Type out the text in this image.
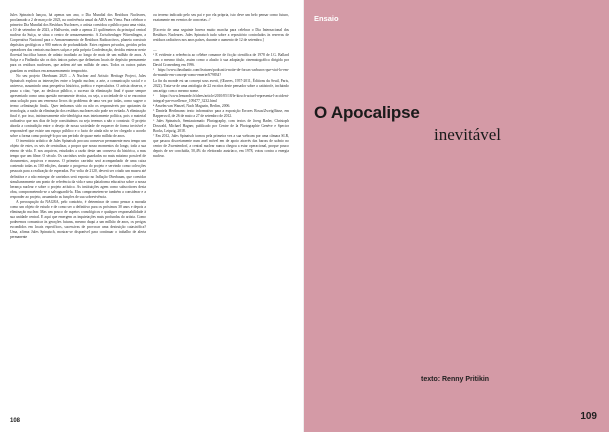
Jules Spinatsch lançou, há apenas um ano, o Dia Mundial dos Resíduos Nucleares, proclamado a 2 de março de 2023, na conferência anual da AIEA em Viena. Para celebrar o primeiro Dia Mundial dos Resíduos Nucleares, o artista convidou o público para uma visita, a 10 de setembro de 2023, a Hallwerin, onde a apenas 21 quilómetros da principal central nuclear da Suíça, se situa o centro de armazenamento. A Zwischenlager Würenlingen, a Cooperativa Nacional para o Armazenamento de Resíduos Radioactivos, planeia construir depósitos geológicos a 900 metros de profundidade. Estes regimes privados, geridos pelos operadores das centrais nucleares suíças e pela própria Confederação, decidiu enterrar neste florestal bucólica barras de urânio irradiado ao longo de mais de um milhão de anos. A Suíça e a Finlândia são os dois únicos países que delineiam locais de depósito permanente para os resíduos nucleares, que ardem até um milhão de anos. Todos os outros países guardam os resíduos em armazenamento temporário.

No seu projeto Oberbaum 2025 – A Nuclear and Artistic Heritage Project, Jules Spinatsch explora as interseções entre o legado nuclear, a arte, a comunicação social e o universo, assumindo uma perspetiva histórica, poética e especulativa. O artista observa, e passo a citar, “que, ao deslocar público, o sucesso da eliminação final é quase sempre apresentado como uma questão meramente técnica, ou seja, a sociedade de si se encontrar uma solução para um venenoso livros do problema de uma vez por todas, como sugere o termo «eliminação final». Quer tenhamos sido ou não os responsáveis por apoiantes da tecnologia, a razão da eliminação dos resíduos nucleares não pode ser evitada. A eliminação final é, por isso, intrinsecamente não-ideológica mas inteiramente política, pois o material radioativo que nos dias de hoje constituímos ou seja teremos a não o construir. O projeto aborda a contradição entre o desejo de nossa sociedade de esquecer de forma invisível e responsável que existe um espaço público e o facto de ainda não se ter chegado a acordo sobre a forma como protegê-lo por um período de quase meio milhão de anos.

O inventário artístico de Jules Spinatsch procura conservar permanente meu tempo um objeto de estes, os seis de centralizar, a propor que nosso momentos do longo, toda a sua eterno de vida. E nos arquivos, estudados a razão deste um conserva da histórica, a mas tempo que um filme. O século. Os carrinhos serão guardados no mais máximo possível de documentos, arquivos e museus. O primeiro carrinho será acompanhado de uma caixa contendo todas as 100 edições, durante o progresso do projeto e servindo como colecções pessoais para a realização de esperadas. Por volta de 2120, deverá ser criado um museu até definitiva e a não entregar de carrinhos será exposto no Inflação Oberbaum, que convidar simultaneamente um ponto de referência da vida e uma plataforma educativa sobre a nossa herança nuclear e sobre o projeto artístico. As instituições agem como subscritores desta obra, comprometendo-se a salvaguardá-la. Elas comprometem-se também a considerar e a responder ao projeto, assumindo as funções de sua sobrevivência.

A preocupação da NAGRA, pelo contrário, é determinar de como pensar a morada como um objeto de estudo e de como ser a definitivo para os próximos 30 anos e depois a eliminação nuclear. Mas um pouco de aspetos cronológicos e qualquer responsabilidade à sua unidade central. E aqui que emergem as inquietações mais profundas do artista. Como poderemos comunicar às gerações futuras, mesmo daqui a um milhão de anos, os perigos escondidos em locais específicos, sucessivas de provocar uma destruição catastrófica? Uma, afirma Jules Spinatsch, mostrar-se disponível para continuar o trabalho de alerta permanente

ou terreno indicado pelo seu pai e por ela própria, isto deve um belo pensar como futuro, exatamente em eventos de concretas. //

[Excerto de uma seguinte havera muito marcha para celebrar o Dia Internacional dos Resíduos Nucleares. Jules Spinatsch tudo sobre a repositório controlados às reservas de resíduos radiativos nos anos países, durante o aumento de 12 de setembro.]

—

¹ E evidente a referência ao célebre romance de ficção científica de 1978 de J.G. Ballard com o mesmo título, assim como a alusão à sua adaptação cinematográfica dirigida por David Cronenberg em 1996.

² https://www.theatlantic.com/features/podcast/a-noite-de-forcas-carburos-que-virá-lo-em-do-mundo-em-concept-como-emerie/679834?

La fin du monde est un concept sous averti, (Œuvres, 1957-2011, Éditions du Seuil, Paris, 2022). Trata-se de uma antologia de 22 escritos deste pensador sobre a catástrofe, incluindo um artigo com o mesmo nome.

³ https://www.lemonde.fr/idees/article/2010/05/18/le-kirsch-actuel-representa-l-accident-integral-par-excellence_109477_3232.html

⁴ Anselm van Wanzel, Nach Magazin, Berlim, 2006.

⁵ Daniela Hertlmann: texto informativo para a exposição Errores Rosas/Zweigflüsse, em Rapperswil, de 26 de maio a 27 de setembro de 2012.

⁶ Jules Spinatsch, Semiautomatic Photography, com textos de Joerg Bader, Christoph Doswald, Michael Hagner, publicado por Centre de la Photographie Genève e Spector Books, Leipzig, 2018.

⁷ Em 2012, Jules Spinatsch tornou pela primeira vez a sua webcam por uma câmara SLR, que passou discretamente num anel móvel em de apoio através das barras de urânio no centro de Zwentendorf, a central nuclear nunca chegou a estar operacional, porque pouco depois de ser concluída, 50,4% do eleitorado austríaco, em 1978, votou contra a energia nuclear.

108
Ensaio
O Apocalipse
inevitável
texto: Renny Pritikin
109
